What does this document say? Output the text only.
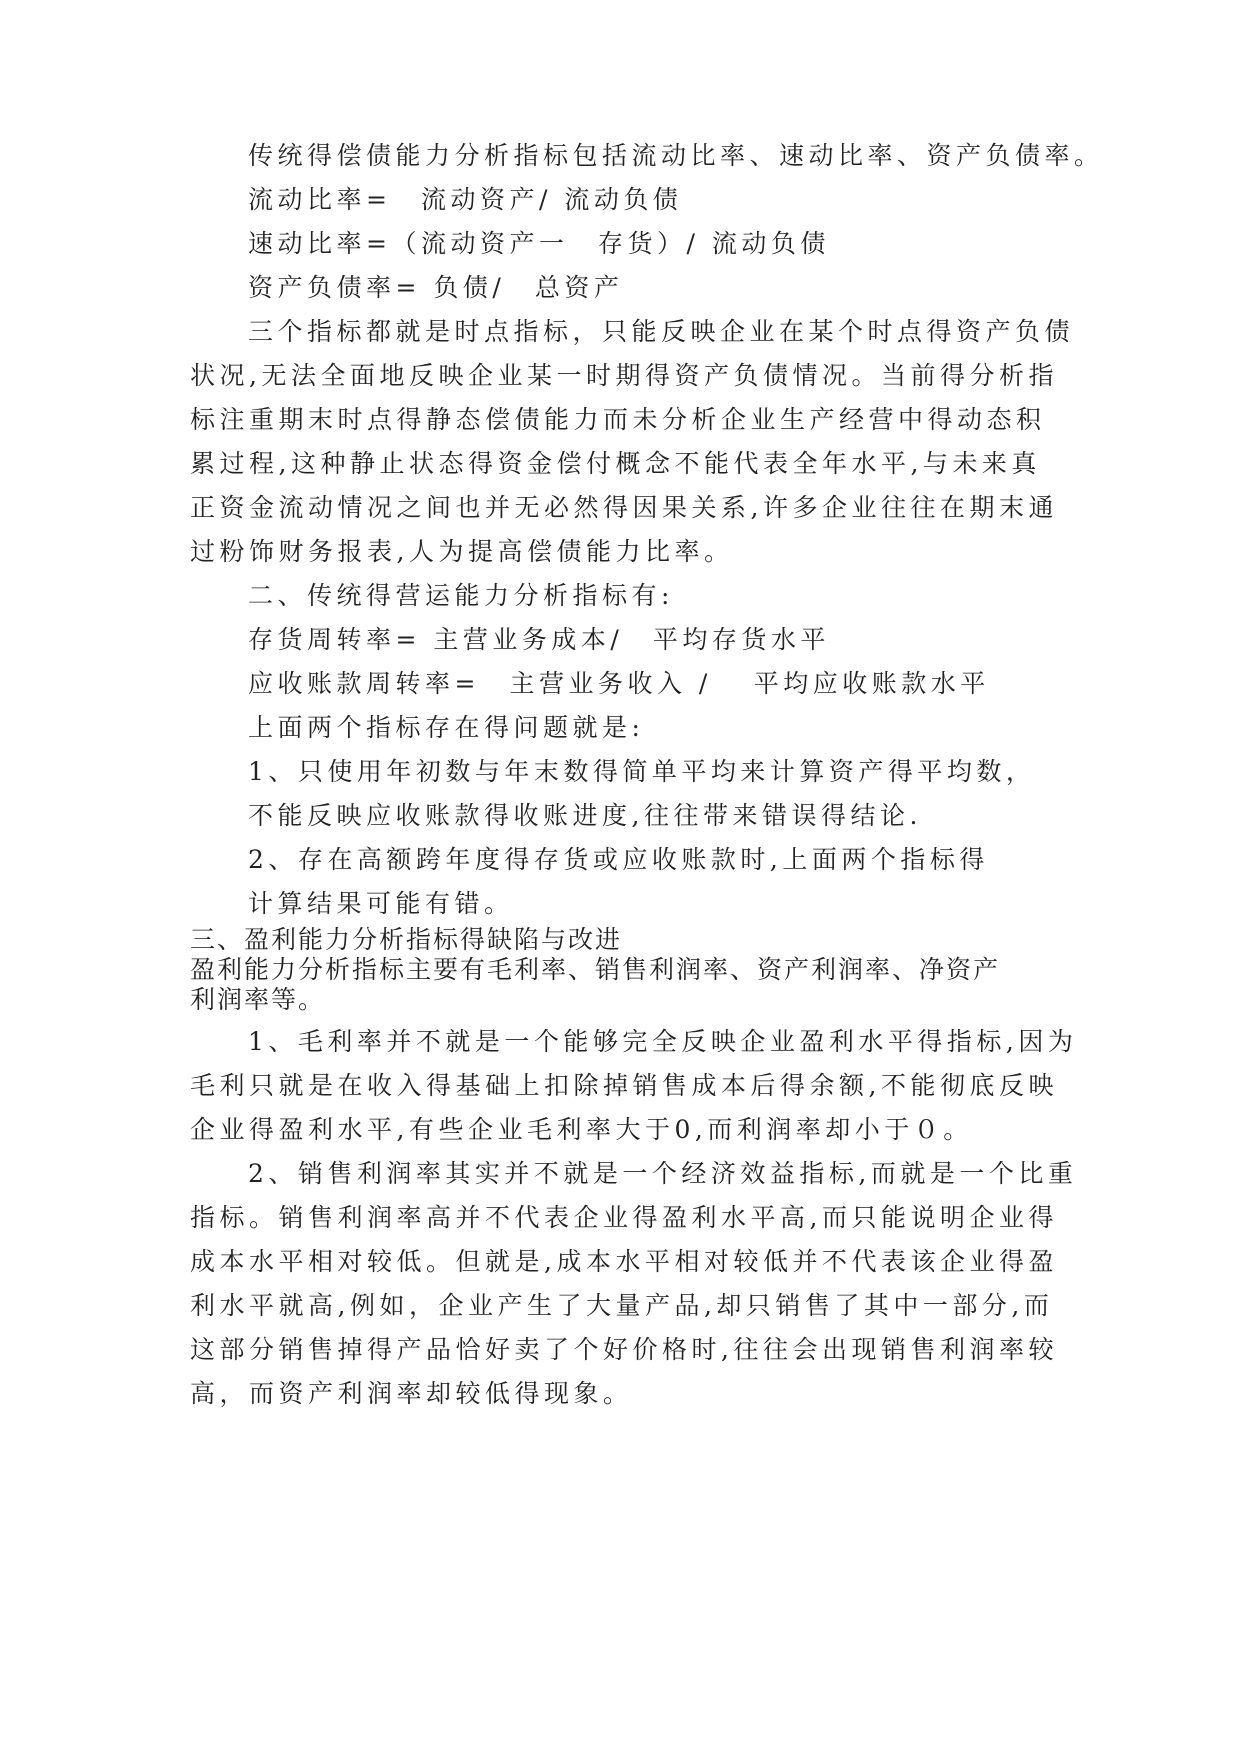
传统得偿债能力分析指标包括流动比率、速动比率、资产负债率。
流动比率=　流动资产/ 流动负债
速动比率=（流动资产一　存货）/ 流动负债
资产负债率= 负债/　总资产
三个指标都就是时点指标，只能反映企业在某个时点得资产负债
状况,无法全面地反映企业某一时期得资产负债情况。当前得分析指
标注重期末时点得静态偿债能力而未分析企业生产经营中得动态积
累过程,这种静止状态得资金偿付概念不能代表全年水平,与未来真
正资金流动情况之间也并无必然得因果关系,许多企业往往在期末通
过粉饰财务报表,人为提高偿债能力比率。
二、传统得营运能力分析指标有:
存货周转率= 主营业务成本/　平均存货水平
应收账款周转率=　主营业务收入 /　 平均应收账款水平
上面两个指标存在得问题就是:
1、只使用年初数与年末数得简单平均来计算资产得平均数，
不能反映应收账款得收账进度,往往带来错误得结论.
2、存在高额跨年度得存货或应收账款时,上面两个指标得
计算结果可能有错。
三、盈利能力分析指标得缺陷与改进
盈利能力分析指标主要有毛利率、销售利润率、资产利润率、净资产
利润率等。
1、毛利率并不就是一个能够完全反映企业盈利水平得指标,因为
毛利只就是在收入得基础上扣除掉销售成本后得余额,不能彻底反映
企业得盈利水平,有些企业毛利率大于0,而利润率却小于０。
2、销售利润率其实并不就是一个经济效益指标,而就是一个比重
指标。销售利润率高并不代表企业得盈利水平高,而只能说明企业得
成本水平相对较低。但就是,成本水平相对较低并不代表该企业得盈
利水平就高,例如，企业产生了大量产品,却只销售了其中一部分,而
这部分销售掉得产品恰好卖了个好价格时,往往会出现销售利润率较
高，而资产利润率却较低得现象。
